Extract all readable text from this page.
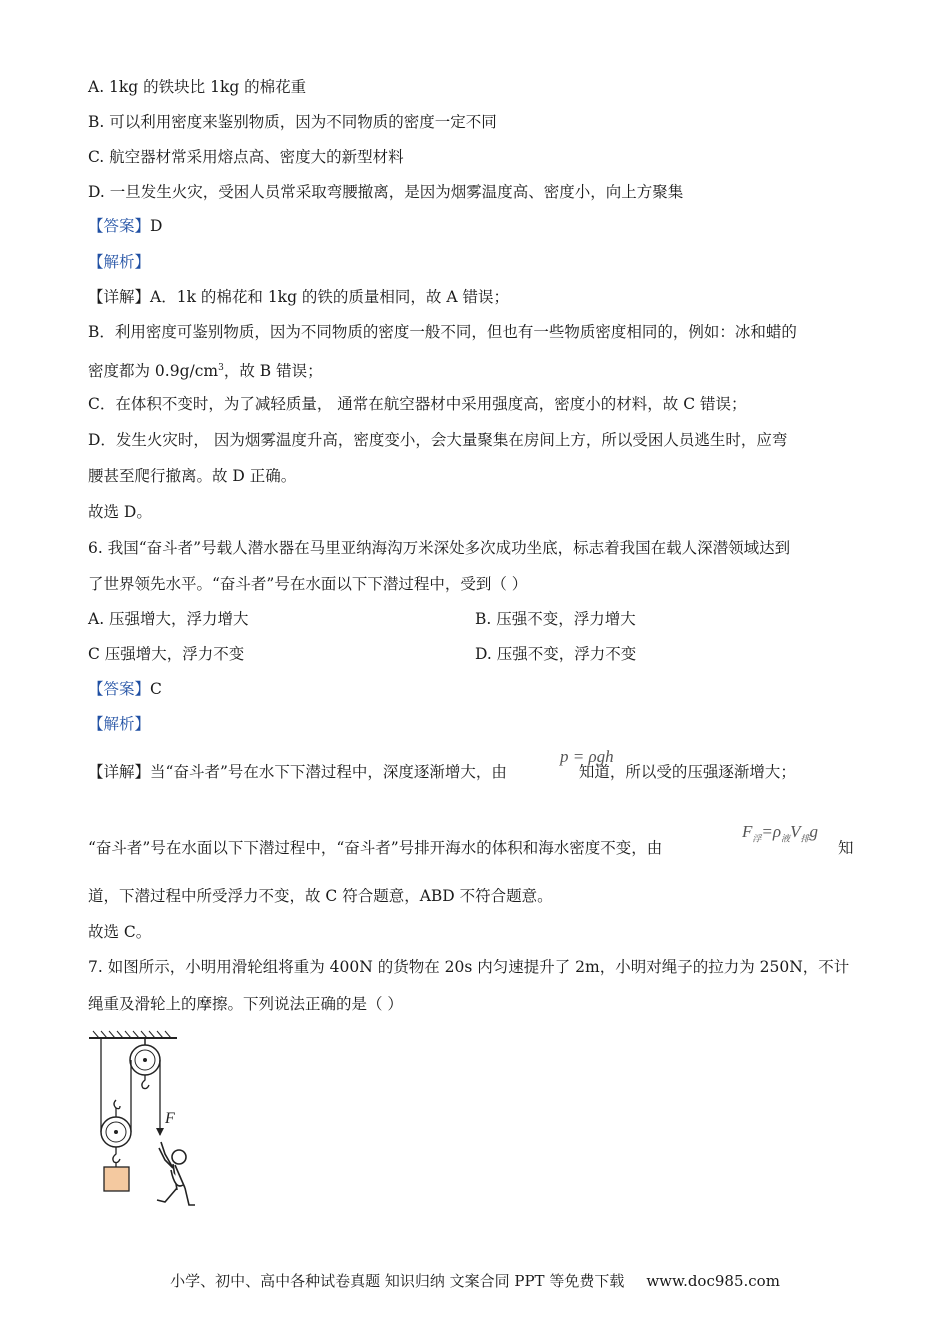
A. 1kg 的铁块比 1kg 的棉花重
B. 可以利用密度来鉴别物质，因为不同物质的密度一定不同
C. 航空器材常采用熔点高、密度大的新型材料
D. 一旦发生火灾，受困人员常采取弯腰撤离，是因为烟雾温度高、密度小，向上方聚集
【答案】D
【解析】
【详解】A．1k 的棉花和 1kg 的铁的质量相同，故 A 错误；
B．利用密度可鉴别物质，因为不同物质的密度一般不同，但也有一些物质密度相同的，例如：冰和蜡的
密度都为 $0.9g/cm^3$，故 B 错误；
C．在体积不变时，为了减轻质量， 通常在航空器材中采用强度高，密度小的材料，故 C 错误；
D．发生火灾时， 因为烟雾温度升高，密度变小，会大量聚集在房间上方，所以受困人员逃生时，应弯
腰甚至爬行撤离。故 D 正确。
故选 D。
6. 我国“奋斗者”号载人潜水器在马里亚纳海沟万米深处多次成功坐底，标志着我国在载人深潜领域达到
了世界领先水平。“奋斗者”号在水面以下下潜过程中，受到（ ）
A. 压强增大，浮力增大	B. 压强不变，浮力增大
C 压强增大，浮力不变	D. 压强不变，浮力不变
【答案】C
【解析】
【详解】当“奋斗者”号在水下下潜过程中，深度逐渐增大，由	知道，所以受的压强逐渐增大；
p = ρgh
“奋斗者”号在水面以下下潜过程中，“奋斗者”号排开海水的体积和海水密度不变，由
$F_浮=\rho_液V_排g$
知
道，下潜过程中所受浮力不变，故 C 符合题意，ABD 不符合题意。
故选 C。
7. 如图所示，小明用滑轮组将重为 400N 的货物在 20s 内匀速提升了 2m，小明对绳子的拉力为 250N，不计
绳重及滑轮上的摩擦。下列说法正确的是（ ）
F
小学、初中、高中各种试卷真题 知识归纳 文案合同 PPT 等免费下载 www.doc985.com
